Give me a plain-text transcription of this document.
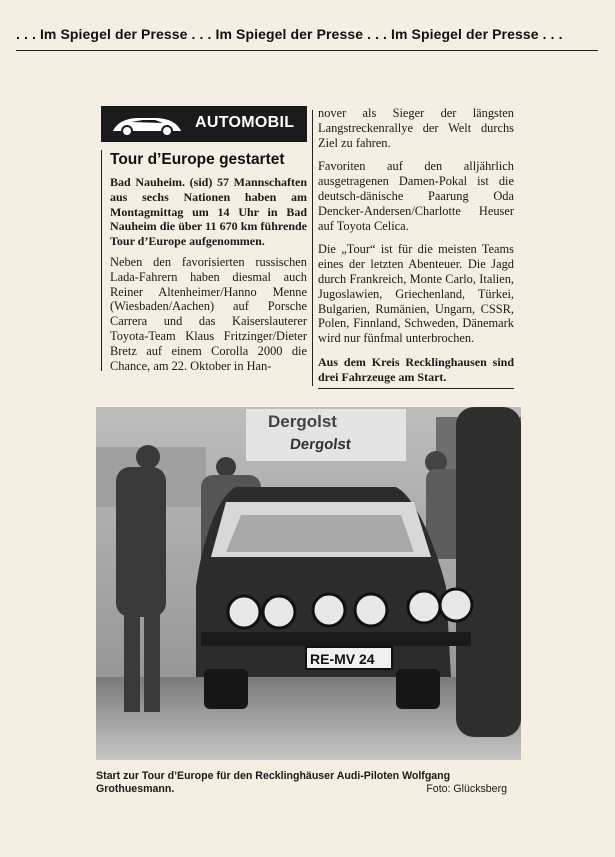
. . . Im Spiegel der Presse . . . Im Spiegel der Presse . . . Im Spiegel der Presse . . .
AUTOMOBIL
Tour d’Europe gestartet

Bad Nauheim. (sid) 57 Mannschaften aus sechs Nationen haben am Montagmittag um 14 Uhr in Bad Nauheim die über 11 670 km führende Tour d’Europe aufgenommen.

Neben den favorisierten russischen Lada-Fahrern haben diesmal auch Reiner Altenheimer/Hanno Menne (Wiesbaden/Aachen) auf Porsche Carrera und das Kaiserslauterer Toyota-Team Klaus Fritzinger/Dieter Bretz auf einem Corolla 2000 die Chance, am 22. Oktober in Han-

nover als Sieger der längsten Langstreckenrallye der Welt durchs Ziel zu fahren.

Favoriten auf den alljährlich ausgetragenen Damen-Pokal ist die deutsch-dänische Paarung Oda Dencker-Andersen/Charlotte Heuser auf Toyota Celica.

Die „Tour“ ist für die meisten Teams eines der letzten Abenteuer. Die Jagd durch Frankreich, Monte Carlo, Italien, Jugoslawien, Griechenland, Türkei, Bulgarien, Rumänien, Ungarn, CSSR, Polen, Finnland, Schweden, Dänemark wird nur fünfmal unterbrochen.

Aus dem Kreis Recklinghausen sind drei Fahrzeuge am Start.

Dergolst
Dergolst
RE-MV 24
Start zur Tour d’Europe für den Recklinghäuser Audi-Piloten Wolfgang Grothuesmann.	Foto: Glücksberg
